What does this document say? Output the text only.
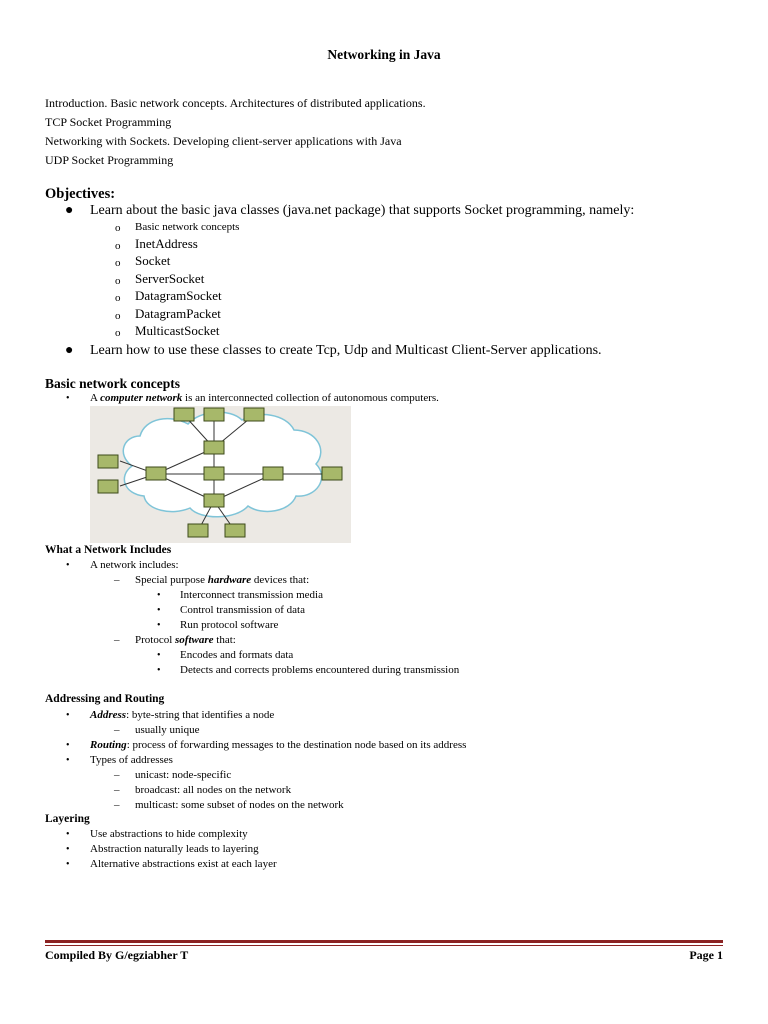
Networking in Java
Introduction. Basic network concepts. Architectures of distributed applications.
TCP Socket Programming
Networking with Sockets. Developing client-server applications with Java
UDP Socket Programming
Objectives:
● Learn about the basic java classes (java.net package) that supports Socket programming, namely:
o Basic network concepts
o InetAddress
o Socket
o ServerSocket
o DatagramSocket
o DatagramPacket
o MulticastSocket
● Learn how to use these classes to create Tcp, Udp and Multicast Client-Server applications.
Basic network concepts
• A computer network is an interconnected collection of autonomous computers.
What a Network Includes
• A network includes:
– Special purpose hardware devices that:
• Interconnect transmission media
• Control transmission of data
• Run protocol software
– Protocol software that:
• Encodes and formats data
• Detects and corrects problems encountered during transmission
Addressing and Routing
• Address: byte-string that identifies a node
– usually unique
• Routing: process of forwarding messages to the destination node based on its address
• Types of addresses
– unicast: node-specific
– broadcast: all nodes on the network
– multicast: some subset of nodes on the network
Layering
• Use abstractions to hide complexity
• Abstraction naturally leads to layering
• Alternative abstractions exist at each layer
Compiled By G/egziabher T	Page 1
